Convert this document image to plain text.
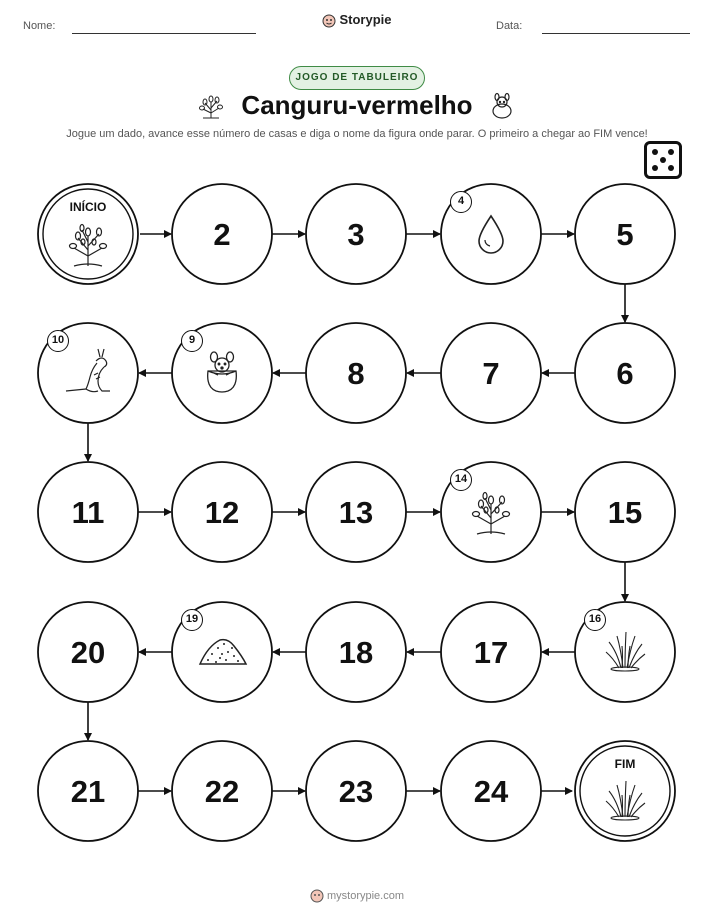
Nome:	Storypie	Data:
JOGO DE TABULEIRO
Canguru-vermelho
Jogue um dado, avance esse número de casas e diga o nome da figura onde parar. O primeiro a chegar ao FIM vence!
INÍCIO
2	3
4
5
6
7
8
9
10
11	12	13
14
15
16
17
18
19
20
21	22	23	24
FIM
mystorypie.com
